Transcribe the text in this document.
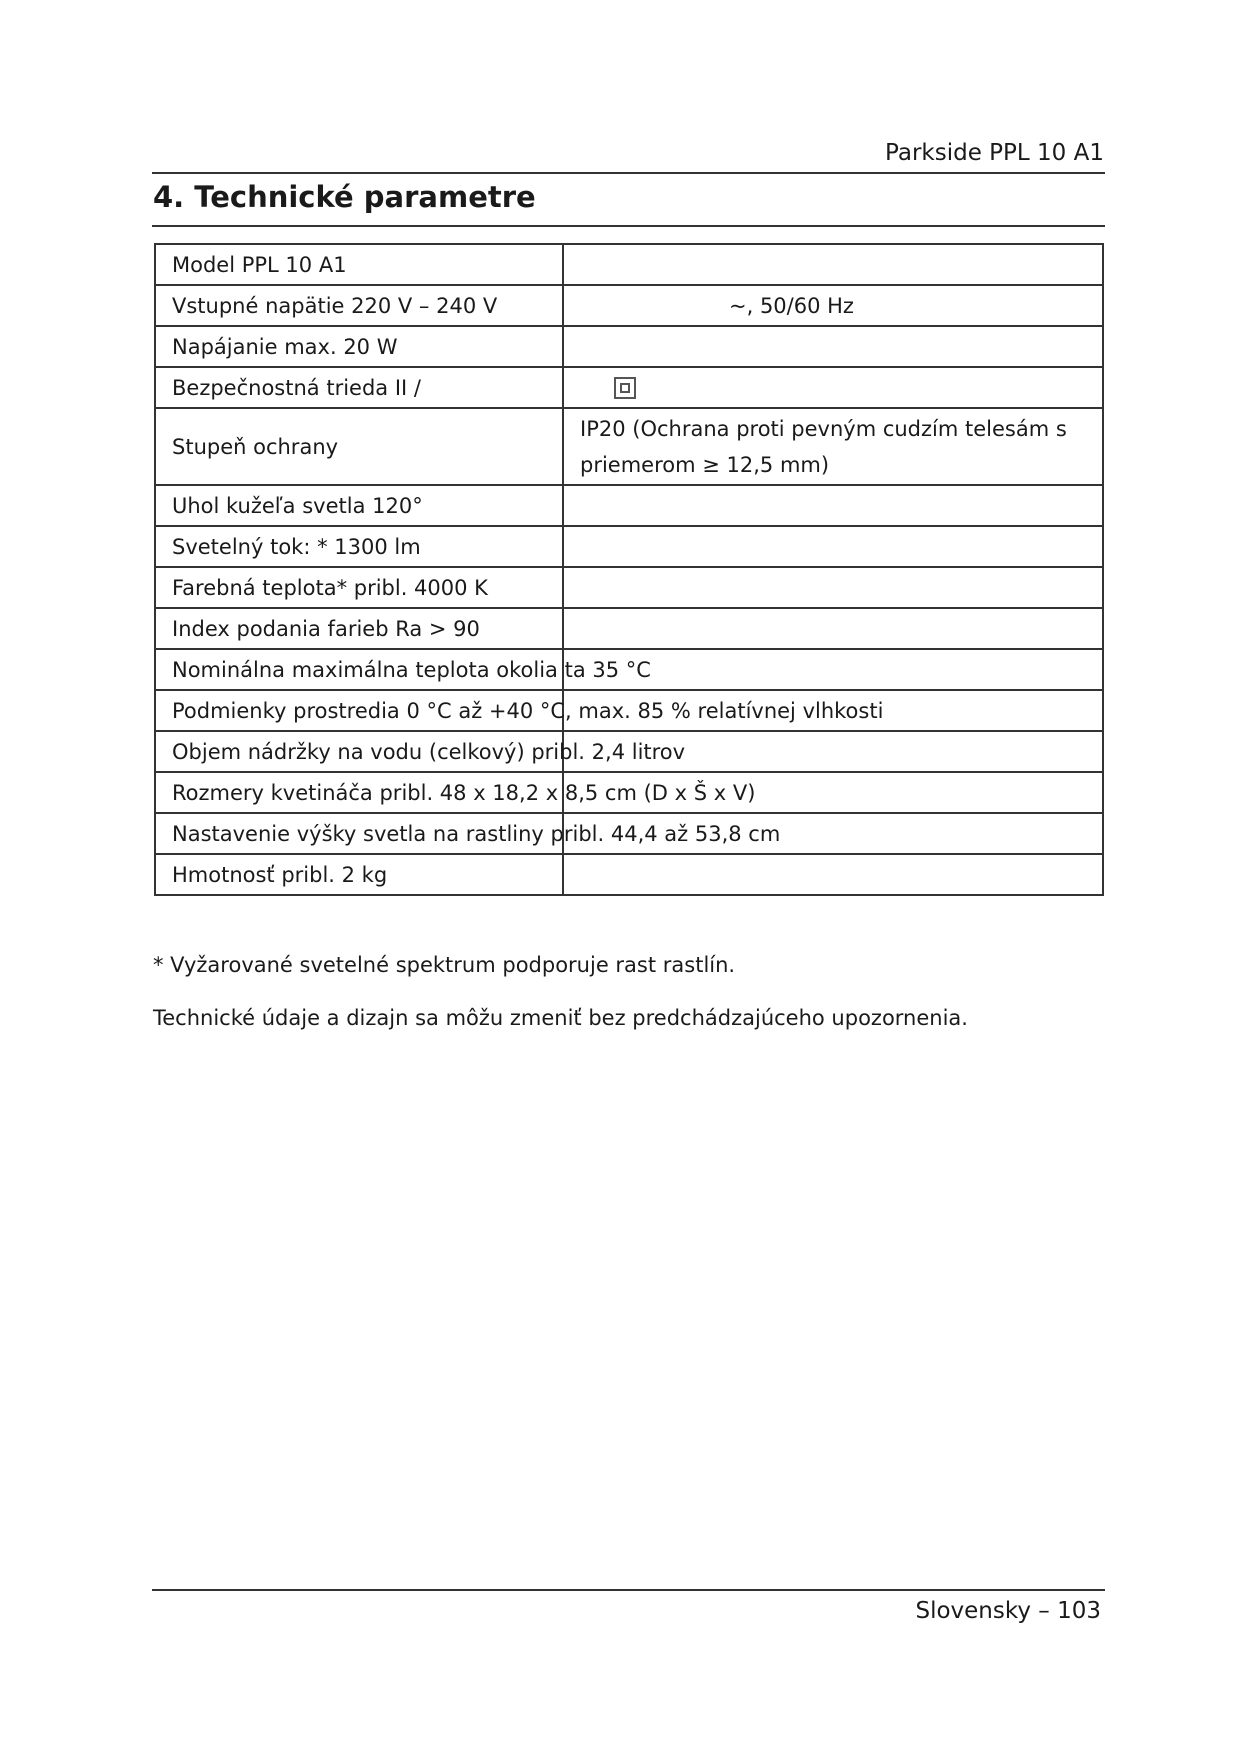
Parkside PPL 10 A1
4. Technické parametre
Model PPL 10 A1	
Vstupné napätie 220 V – 240 V	~, 50/60 Hz

Napájanie max. 20 W	
Bezpečnostná trieda II /	

Stupeň ochrany	IP20 (Ochrana proti pevným cudzím telesám s priemerom ≥ 12,5 mm)

Uhol kužeľa svetla 120°	
Svetelný tok: * 1300 lm	
Farebná teplota* pribl. 4000 K	
Index podania farieb Ra > 90	
Nominálna maximálna teplota okolia ta 35 °C	
Podmienky prostredia 0 °C až +40 °C, max. 85 % relatívnej vlhkosti	
Objem nádržky na vodu (celkový) pribl. 2,4 litrov	
Rozmery kvetináča pribl. 48 x 18,2 x 8,5 cm (D x Š x V)	
Nastavenie výšky svetla na rastliny pribl. 44,4 až 53,8 cm	
Hmotnosť pribl. 2 kg	
* Vyžarované svetelné spektrum podporuje rast rastlín.
Technické údaje a dizajn sa môžu zmeniť bez predchádzajúceho upozornenia.
Slovensky – 103
